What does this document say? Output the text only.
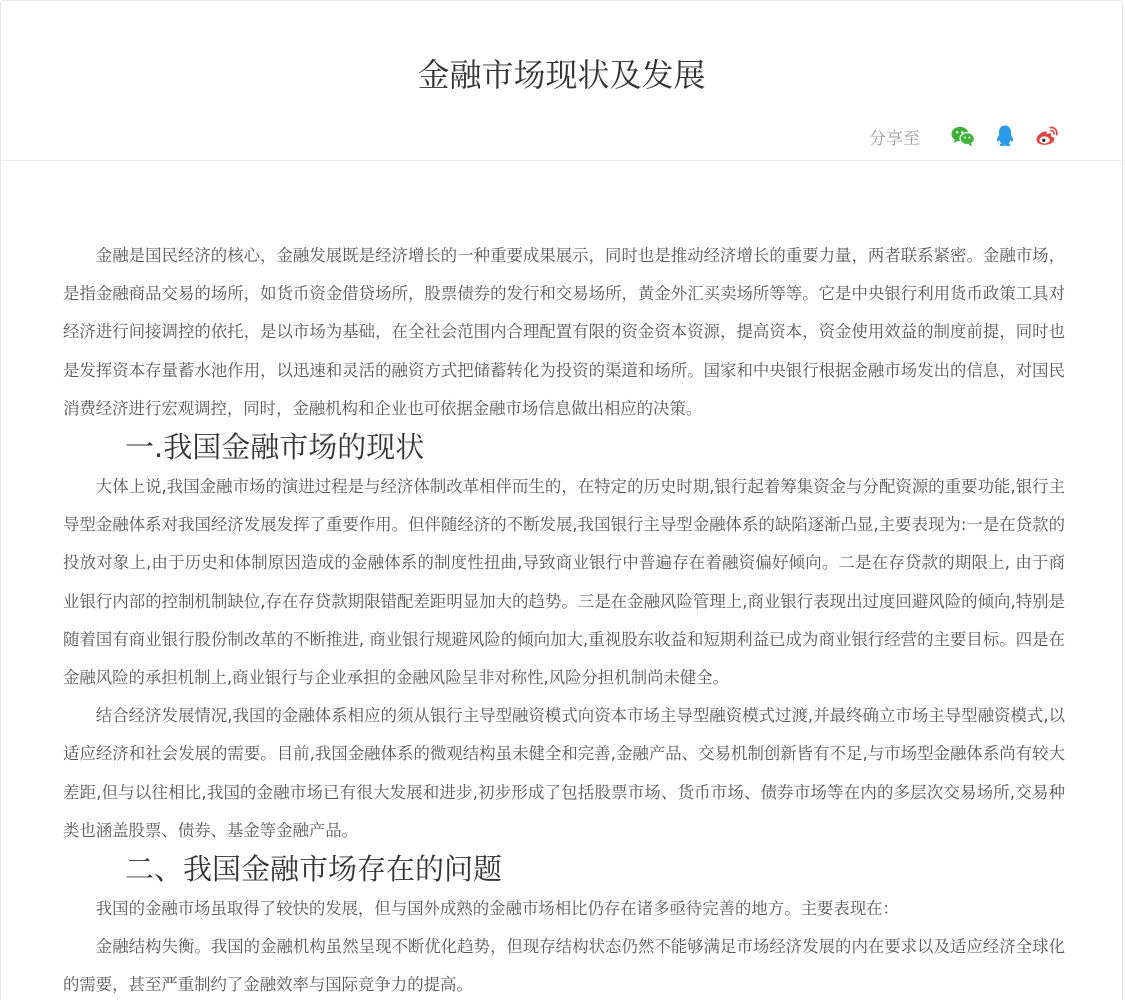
金融市场现状及发展
分享至

金融是国民经济的核心，金融发展既是经济增长的一种重要成果展示，同时也是推动经济增长的重要力量，两者联系紧密。金融市场，是指金融商品交易的场所，如货币资金借贷场所，股票债券的发行和交易场所，黄金外汇买卖场所等等。它是中央银行利用货币政策工具对经济进行间接调控的依托，是以市场为基础，在全社会范围内合理配置有限的资金资本资源，提高资本，资金使用效益的制度前提，同时也是发挥资本存量蓄水池作用，以迅速和灵活的融资方式把储蓄转化为投资的渠道和场所。国家和中央银行根据金融市场发出的信息，对国民消费经济进行宏观调控，同时，金融机构和企业也可依据金融市场信息做出相应的决策。

一.我国金融市场的现状

大体上说,我国金融市场的演进过程是与经济体制改革相伴而生的，在特定的历史时期,银行起着筹集资金与分配资源的重要功能,银行主导型金融体系对我国经济发展发挥了重要作用。但伴随经济的不断发展,我国银行主导型金融体系的缺陷逐渐凸显,主要表现为:一是在贷款的投放对象上,由于历史和体制原因造成的金融体系的制度性扭曲,导致商业银行中普遍存在着融资偏好倾向。二是在存贷款的期限上, 由于商业银行内部的控制机制缺位,存在存贷款期限错配差距明显加大的趋势。三是在金融风险管理上,商业银行表现出过度回避风险的倾向,特别是随着国有商业银行股份制改革的不断推进, 商业银行规避风险的倾向加大,重视股东收益和短期利益已成为商业银行经营的主要目标。四是在金融风险的承担机制上,商业银行与企业承担的金融风险呈非对称性,风险分担机制尚未健全。

结合经济发展情况,我国的金融体系相应的须从银行主导型融资模式向资本市场主导型融资模式过渡,并最终确立市场主导型融资模式,以适应经济和社会发展的需要。目前,我国金融体系的微观结构虽未健全和完善,金融产品、交易机制创新皆有不足,与市场型金融体系尚有较大差距,但与以往相比,我国的金融市场已有很大发展和进步,初步形成了包括股票市场、货币市场、债券市场等在内的多层次交易场所,交易种类也涵盖股票、债券、基金等金融产品。

二、我国金融市场存在的问题

我国的金融市场虽取得了较快的发展，但与国外成熟的金融市场相比仍存在诸多亟待完善的地方。主要表现在：

金融结构失衡。我国的金融机构虽然呈现不断优化趋势，但现存结构状态仍然不能够满足市场经济发展的内在要求以及适应经济全球化的需要，甚至严重制约了金融效率与国际竞争力的提高。
